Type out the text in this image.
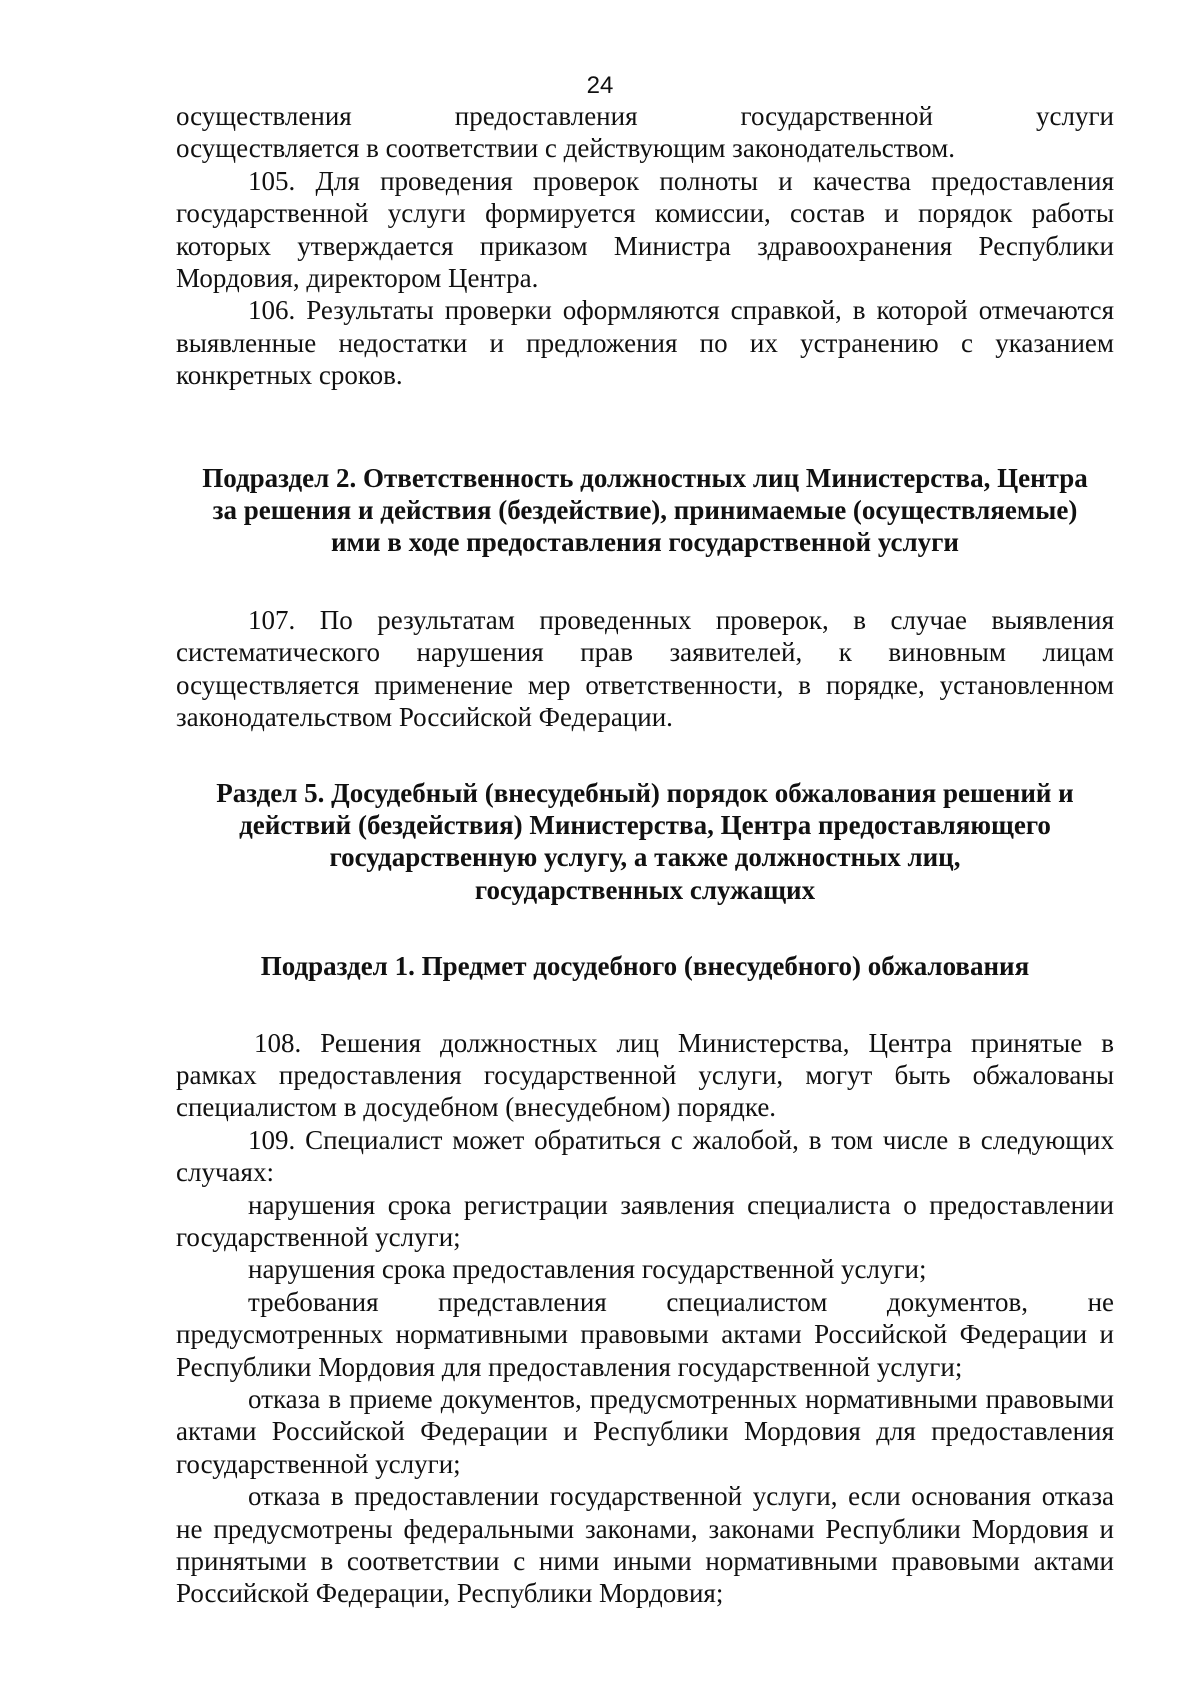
24

осуществления предоставления государственной услуги

осуществляется в соответствии с действующим законодательством.

105. Для проведения проверок полноты и качества предоставления государственной услуги формируется комиссии, состав и порядок работы которых утверждается приказом Министра здравоохранения Республики Мордовия, директором Центра.

106. Результаты проверки оформляются справкой, в которой отмечаются выявленные недостатки и предложения по их устранению с указанием конкретных сроков.

Подраздел 2. Ответственность должностных лиц Министерства, Центра

за решения и действия (бездействие), принимаемые (осуществляемые)

ими в ходе предоставления государственной услуги

107. По результатам проведенных проверок, в случае выявления систематического нарушения прав заявителей, к виновным лицам осуществляется применение мер ответственности, в порядке, установленном законодательством Российской Федерации.

Раздел 5. Досудебный (внесудебный) порядок обжалования решений и

действий (бездействия) Министерства, Центра предоставляющего

государственную услугу, а также должностных лиц,

государственных служащих

Подраздел 1. Предмет досудебного (внесудебного) обжалования

108. Решения должностных лиц Министерства, Центра принятые в рамках предоставления государственной услуги, могут быть обжалованы специалистом в досудебном (внесудебном) порядке.

109. Специалист может обратиться с жалобой, в том числе в следующих случаях:

нарушения срока регистрации заявления специалиста о предоставлении государственной услуги;

нарушения срока предоставления государственной услуги;

требования представления специалистом документов, не предусмотренных нормативными правовыми актами Российской Федерации и Республики Мордовия для предоставления государственной услуги;

отказа в приеме документов, предусмотренных нормативными правовыми актами Российской Федерации и Республики Мордовия для предоставления государственной услуги;

отказа в предоставлении государственной услуги, если основания отказа не предусмотрены федеральными законами, законами Республики Мордовия и принятыми в соответствии с ними иными нормативными правовыми актами Российской Федерации, Республики Мордовия;
